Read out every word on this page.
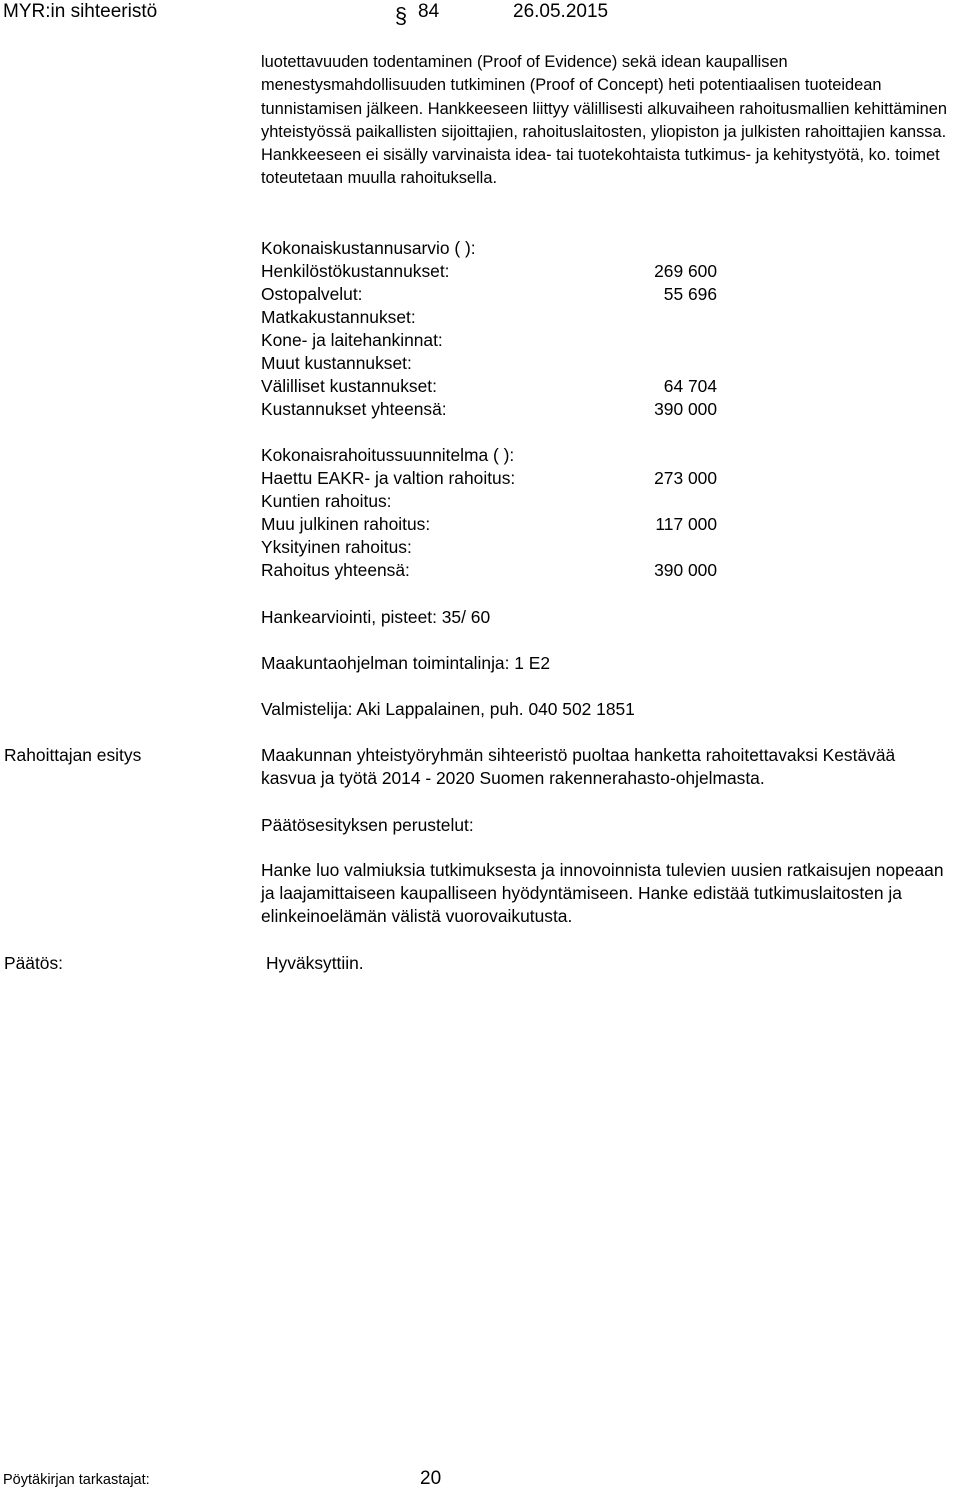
MYR:in sihteeristö	§ 84	26.05.2015
luotettavuuden todentaminen (Proof of Evidence) sekä idean kaupallisen menestysmahdollisuuden tutkiminen (Proof of Concept) heti potentiaalisen tuoteidean tunnistamisen jälkeen. Hankkeeseen liittyy välillisesti alkuvaiheen rahoitusmallien kehittäminen yhteistyössä paikallisten sijoittajien, rahoituslaitosten, yliopiston ja julkisten rahoittajien kanssa. Hankkeeseen ei sisälly varvinaista idea- tai tuotekohtaista tutkimus- ja kehitystyötä, ko. toimet toteutetaan muulla rahoituksella.
Kokonaiskustannusarvio ( ):
Henkilöstökustannukset:	269 600
Ostopalvelut:	55 696
Matkakustannukset:
Kone- ja laitehankinnat:
Muut kustannukset:
Välilliset kustannukset:	64 704
Kustannukset yhteensä:	390 000
Kokonaisrahoitussuunnitelma ( ):
Haettu EAKR- ja valtion rahoitus:	273 000
Kuntien rahoitus:
Muu julkinen rahoitus:	117 000
Yksityinen rahoitus:
Rahoitus yhteensä:	390 000
Hankearviointi, pisteet: 35/ 60
Maakuntaohjelman toimintalinja: 1 E2
Valmistelija: Aki Lappalainen, puh. 040 502 1851
Rahoittajan esitys	Maakunnan yhteistyöryhmän sihteeristö puoltaa hanketta rahoitettavaksi Kestävää kasvua ja työtä 2014 - 2020 Suomen rakennerahasto-ohjelmasta.
Päätösesityksen perustelut:
Hanke luo valmiuksia tutkimuksesta ja innovoinnista tulevien uusien ratkaisujen nopeaan ja laajamittaiseen kaupalliseen hyödyntämiseen. Hanke edistää tutkimuslaitosten ja elinkeinoelämän välistä vuorovaikutusta.
Päätös:	Hyväksyttiin.
Pöytäkirjan tarkastajat:	20
